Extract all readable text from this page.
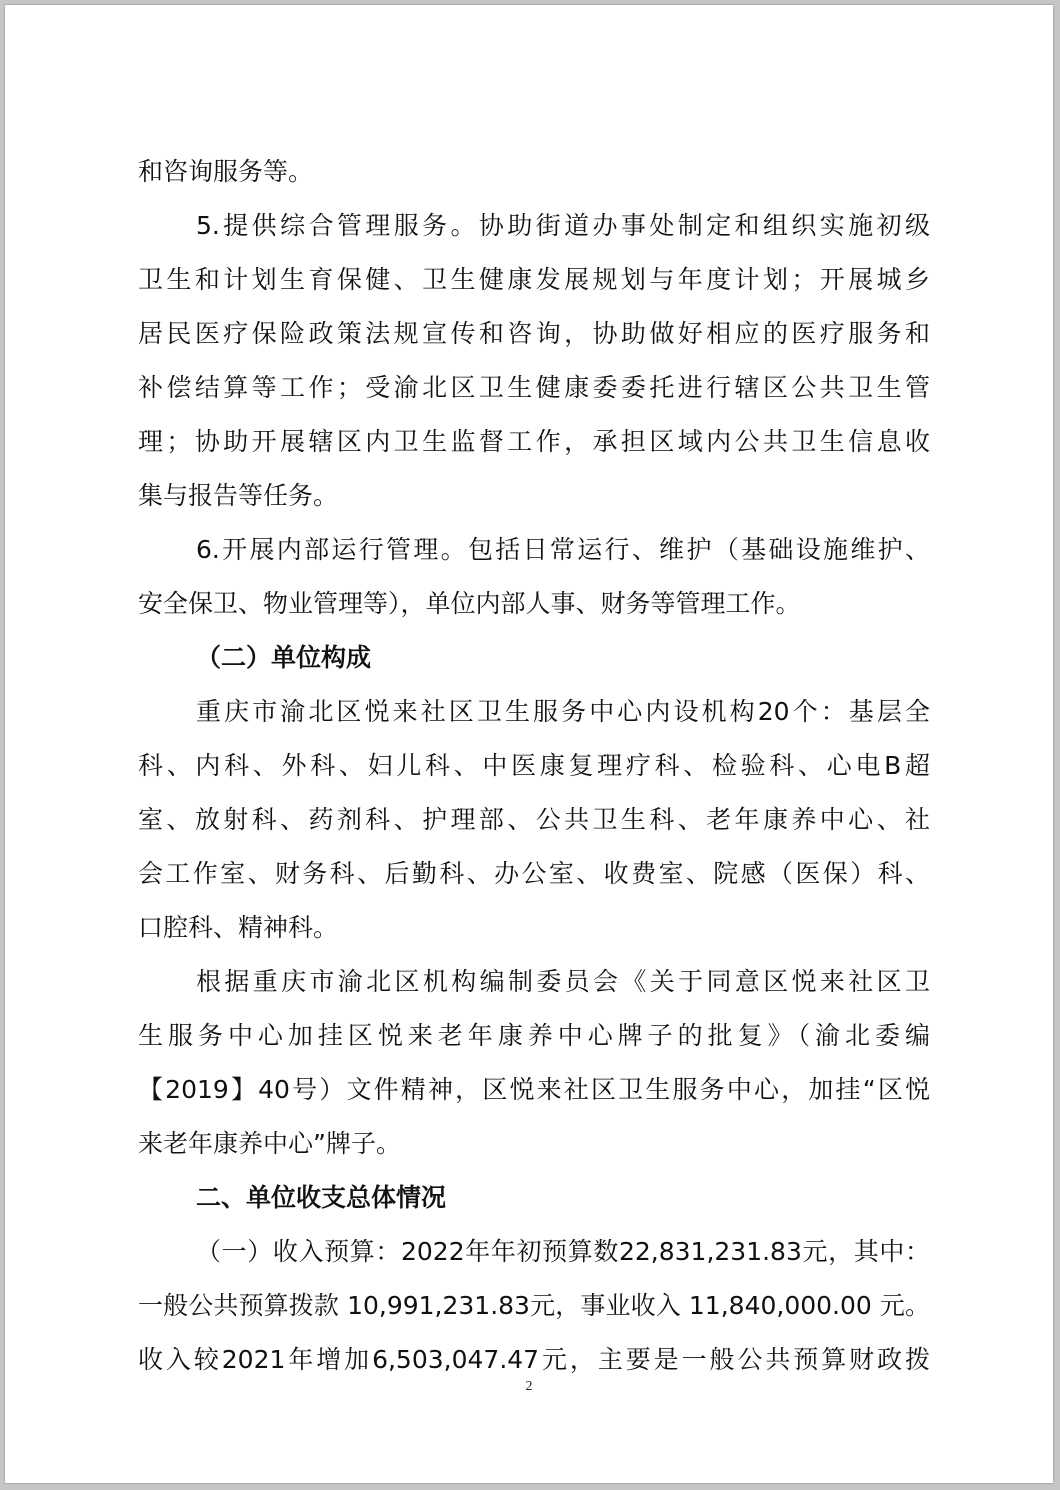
和咨询服务等。
5.提供综合管理服务。协助街道办事处制定和组织实施初级
卫生和计划生育保健、卫生健康发展规划与年度计划；开展城乡
居民医疗保险政策法规宣传和咨询，协助做好相应的医疗服务和
补偿结算等工作；受渝北区卫生健康委委托进行辖区公共卫生管
理；协助开展辖区内卫生监督工作，承担区域内公共卫生信息收
集与报告等任务。
6.开展内部运行管理。包括日常运行、维护（基础设施维护、
安全保卫、物业管理等），单位内部人事、财务等管理工作。
（二）单位构成
重庆市渝北区悦来社区卫生服务中心内设机构20个：基层全
科、内科、外科、妇儿科、中医康复理疗科、检验科、心电B超
室、放射科、药剂科、护理部、公共卫生科、老年康养中心、社
会工作室、财务科、后勤科、办公室、收费室、院感（医保）科、
口腔科、精神科。
根据重庆市渝北区机构编制委员会《关于同意区悦来社区卫
生服务中心加挂区悦来老年康养中心牌子的批复》（渝北委编
【2019】40号）文件精神，区悦来社区卫生服务中心，加挂“区悦
来老年康养中心”牌子。
二、单位收支总体情况
（一）收入预算：2022年年初预算数22,831,231.83元，其中：
一般公共预算拨款 10,991,231.83元，事业收入 11,840,000.00 元。
收入较2021年增加6,503,047.47元，主要是一般公共预算财政拨
2
